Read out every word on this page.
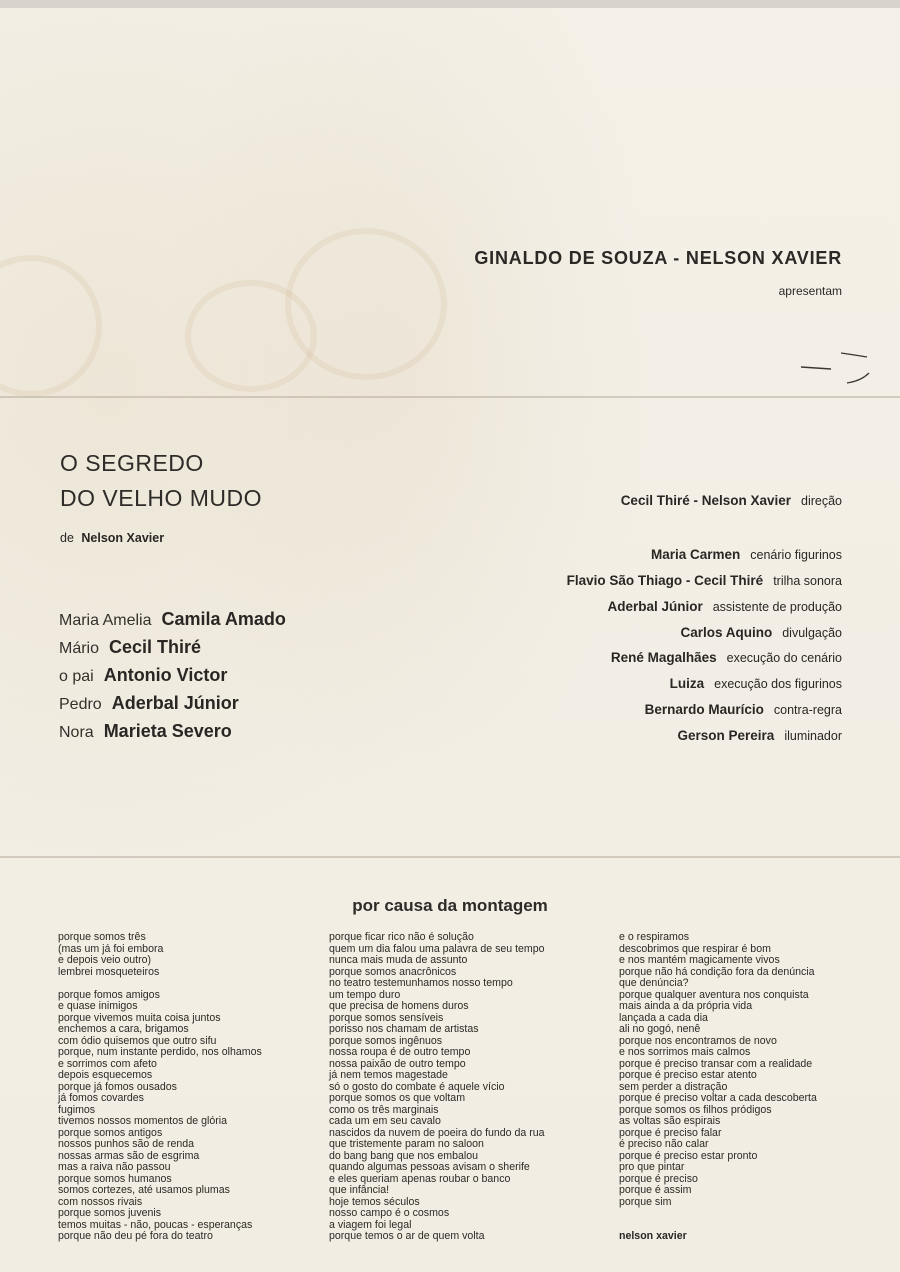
GINALDO DE SOUZA - NELSON XAVIER
apresentam
O SEGREDO
DO VELHO MUDO
de Nelson Xavier
Maria Amelia Camila Amado
Mário Cecil Thiré
o pai Antonio Victor
Pedro Aderbal Júnior
Nora Marieta Severo
Cecil Thiré - Nelson Xavier direção
Maria Carmen cenário figurinos
Flavio São Thiago - Cecil Thiré trilha sonora
Aderbal Júnior assistente de produção
Carlos Aquino divulgação
René Magalhães execução do cenário
Luiza execução dos figurinos
Bernardo Maurício contra-regra
Gerson Pereira iluminador
por causa da montagem
porque somos três
(mas um já foi embora
e depois veio outro)
lembrei mosqueteiros
porque fomos amigos
e quase inimigos
porque vivemos muita coisa juntos
enchemos a cara, brigamos
com ódio quisemos que outro sifu
porque, num instante perdido, nos olhamos
e sorrimos com afeto
depois esquecemos
porque já fomos ousados
já fomos covardes
fugimos
tivemos nossos momentos de glória
porque somos antigos
nossos punhos são de renda
nossas armas são de esgrima
mas a raiva não passou
porque somos humanos
somos cortezes, até usamos plumas
com nossos rivais
porque somos juvenis
temos muitas - não, poucas - esperanças
porque não deu pé fora do teatro
porque ficar rico não é solução
quem um dia falou uma palavra de seu tempo
nunca mais muda de assunto
porque somos anacrônicos
no teatro testemunhamos nosso tempo
um tempo duro
que precisa de homens duros
porque somos sensíveis
porisso nos chamam de artistas
porque somos ingênuos
nossa roupa é de outro tempo
nossa paixão de outro tempo
já nem temos magestade
só o gosto do combate é aquele vício
porque somos os que voltam
como os três marginais
cada um em seu cavalo
nascidos da nuvem de poeira do fundo da rua
que tristemente param no saloon
do bang bang que nos embalou
quando algumas pessoas avisam o sherife
e eles queriam apenas roubar o banco
que infância!
hoje temos séculos
nosso campo é o cosmos
a viagem foi legal
porque temos o ar de quem volta
e o respiramos
descobrimos que respirar é bom
e nos mantém magicamente vivos
porque não há condição fora da denúncia
que denúncia?
porque qualquer aventura nos conquista
mais ainda a da própria vida
lançada a cada dia
ali no gogó, nenê
porque nos encontramos de novo
e nos sorrimos mais calmos
porque é preciso transar com a realidade
porque é preciso estar atento
sem perder a distração
porque é preciso voltar a cada descoberta
porque somos os filhos pródigos
as voltas são espirais
porque é preciso falar
é preciso não calar
porque é preciso estar pronto
pro que pintar
porque é preciso
porque é assim
porque sim
nelson xavier
